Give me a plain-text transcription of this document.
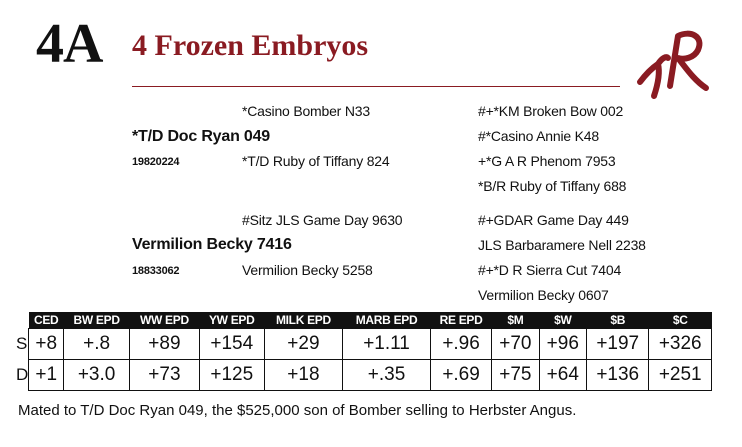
4A 4 Frozen Embryos
*Casino Bomber N33
*T/D Doc Ryan 049
19820224	*T/D Ruby of Tiffany 824
#+*KM Broken Bow 002
#*Casino Annie K48
+*G A R Phenom 7953
*B/R Ruby of Tiffany 688
#Sitz JLS Game Day 9630
Vermilion Becky 7416
18833062	Vermilion Becky 5258
#+GDAR Game Day 449
JLS Barbaramere Nell 2238
#+*D R Sierra Cut 7404
Vermilion Becky 0607
	CED	BW EPD	WW EPD	YW EPD	MILK EPD	MARB EPD	RE EPD	$M	$W	$B	$C
S	+8	+.8	+89	+154	+29	+1.11	+.96	+70	+96	+197	+326
D	+1	+3.0	+73	+125	+18	+.35	+.69	+75	+64	+136	+251
Mated to T/D Doc Ryan 049, the $525,000 son of Bomber selling to Herbster Angus.
